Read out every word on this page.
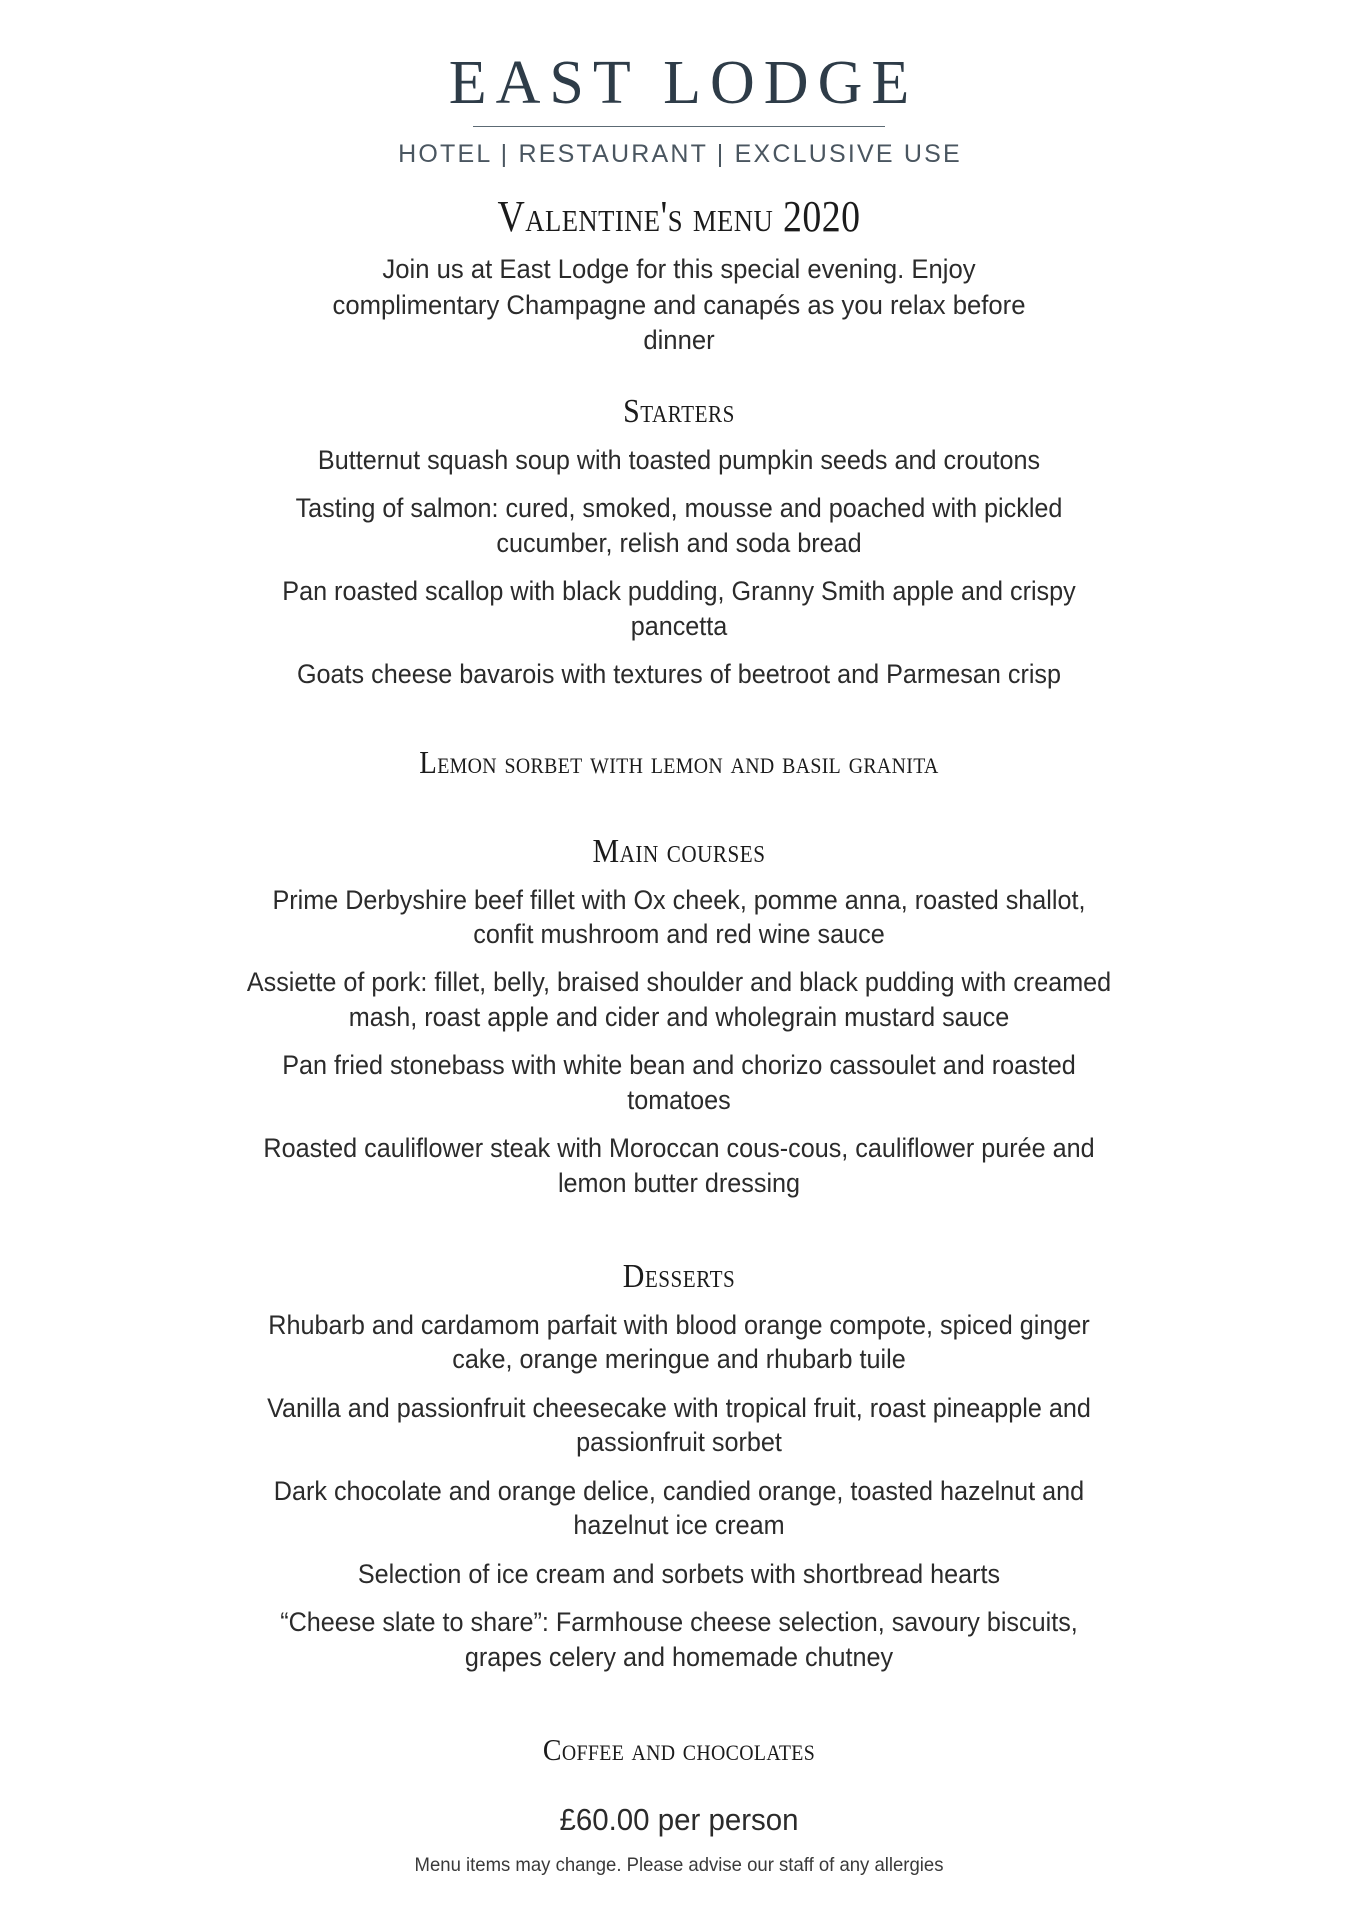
EAST LODGE
HOTEL | RESTAURANT | EXCLUSIVE USE
Valentine's menu 2020
Join us at East Lodge for this special evening. Enjoy complimentary Champagne and canapés as you relax before dinner
Starters
Butternut squash soup with toasted pumpkin seeds and croutons
Tasting of salmon: cured, smoked, mousse and poached with pickled cucumber, relish and soda bread
Pan roasted scallop with black pudding, Granny Smith apple and crispy pancetta
Goats cheese bavarois with textures of beetroot and Parmesan crisp
Lemon sorbet with lemon and basil granita
Main courses
Prime Derbyshire beef fillet with Ox cheek, pomme anna, roasted shallot, confit mushroom and red wine sauce
Assiette of pork: fillet, belly, braised shoulder and black pudding with creamed mash, roast apple and cider and wholegrain mustard sauce
Pan fried stonebass with white bean and chorizo cassoulet and roasted tomatoes
Roasted cauliflower steak with Moroccan cous-cous, cauliflower purée and lemon butter dressing
Desserts
Rhubarb and cardamom parfait with blood orange compote, spiced ginger cake, orange meringue and rhubarb tuile
Vanilla and passionfruit cheesecake with tropical fruit, roast pineapple and passionfruit sorbet
Dark chocolate and orange delice, candied orange, toasted hazelnut and hazelnut ice cream
Selection of ice cream and sorbets with shortbread hearts
“Cheese slate to share”: Farmhouse cheese selection, savoury biscuits, grapes celery and homemade chutney
Coffee and chocolates
£60.00 per person
Menu items may change. Please advise our staff of any allergies
